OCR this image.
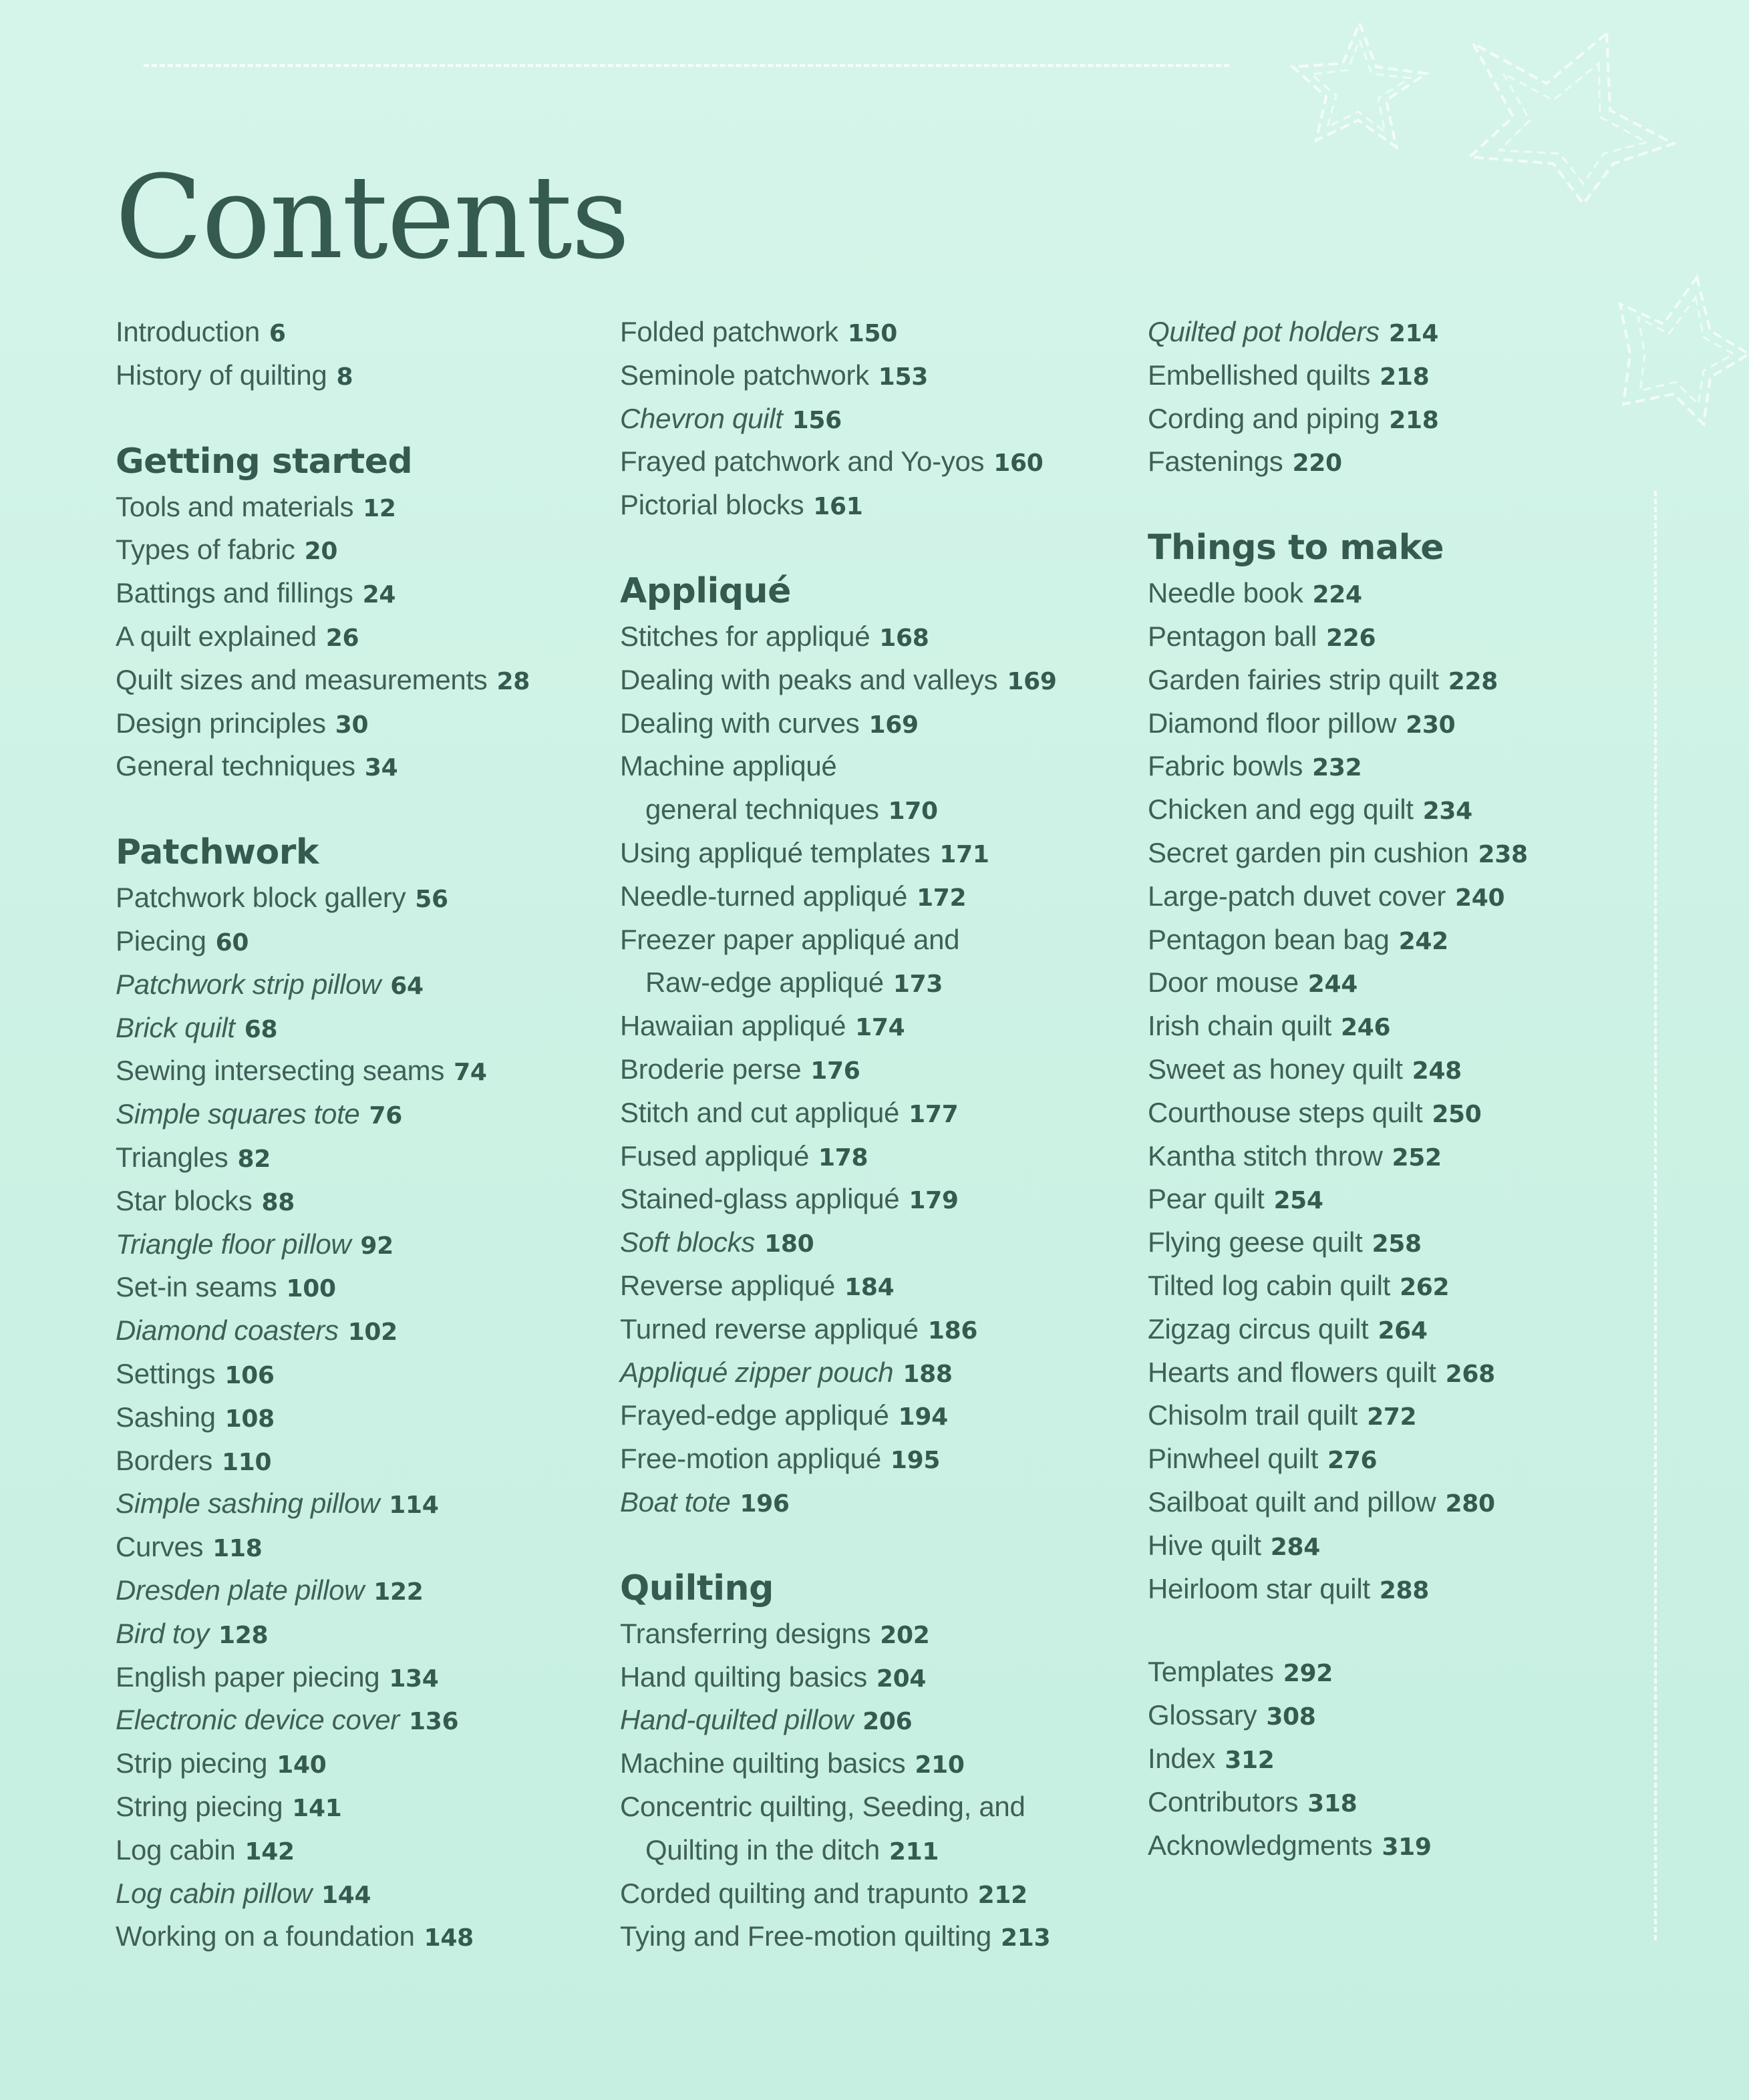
Contents
Introduction 6
History of quilting 8
Getting started
Tools and materials 12
Types of fabric 20
Battings and fillings 24
A quilt explained 26
Quilt sizes and measurements 28
Design principles 30
General techniques 34
Patchwork
Patchwork block gallery 56
Piecing 60
Patchwork strip pillow 64
Brick quilt 68
Sewing intersecting seams 74
Simple squares tote 76
Triangles 82
Star blocks 88
Triangle floor pillow 92
Set-in seams 100
Diamond coasters 102
Settings 106
Sashing 108
Borders 110
Simple sashing pillow 114
Curves 118
Dresden plate pillow 122
Bird toy 128
English paper piecing 134
Electronic device cover 136
Strip piecing 140
String piecing 141
Log cabin 142
Log cabin pillow 144
Working on a foundation 148
Folded patchwork 150
Seminole patchwork 153
Chevron quilt 156
Frayed patchwork and Yo-yos 160
Pictorial blocks 161
Appliqué
Stitches for appliqué 168
Dealing with peaks and valleys 169
Dealing with curves 169
Machine appliqué
general techniques 170
Using appliqué templates 171
Needle-turned appliqué 172
Freezer paper appliqué and
Raw-edge appliqué 173
Hawaiian appliqué 174
Broderie perse 176
Stitch and cut appliqué 177
Fused appliqué 178
Stained-glass appliqué 179
Soft blocks 180
Reverse appliqué 184
Turned reverse appliqué 186
Appliqué zipper pouch 188
Frayed-edge appliqué 194
Free-motion appliqué 195
Boat tote 196
Quilting
Transferring designs 202
Hand quilting basics 204
Hand-quilted pillow 206
Machine quilting basics 210
Concentric quilting, Seeding, and
Quilting in the ditch 211
Corded quilting and trapunto 212
Tying and Free-motion quilting 213
Quilted pot holders 214
Embellished quilts 218
Cording and piping 218
Fastenings 220
Things to make
Needle book 224
Pentagon ball 226
Garden fairies strip quilt 228
Diamond floor pillow 230
Fabric bowls 232
Chicken and egg quilt 234
Secret garden pin cushion 238
Large-patch duvet cover 240
Pentagon bean bag 242
Door mouse 244
Irish chain quilt 246
Sweet as honey quilt 248
Courthouse steps quilt 250
Kantha stitch throw 252
Pear quilt 254
Flying geese quilt 258
Tilted log cabin quilt 262
Zigzag circus quilt 264
Hearts and flowers quilt 268
Chisolm trail quilt 272
Pinwheel quilt 276
Sailboat quilt and pillow 280
Hive quilt 284
Heirloom star quilt 288
Templates 292
Glossary 308
Index 312
Contributors 318
Acknowledgments 319
